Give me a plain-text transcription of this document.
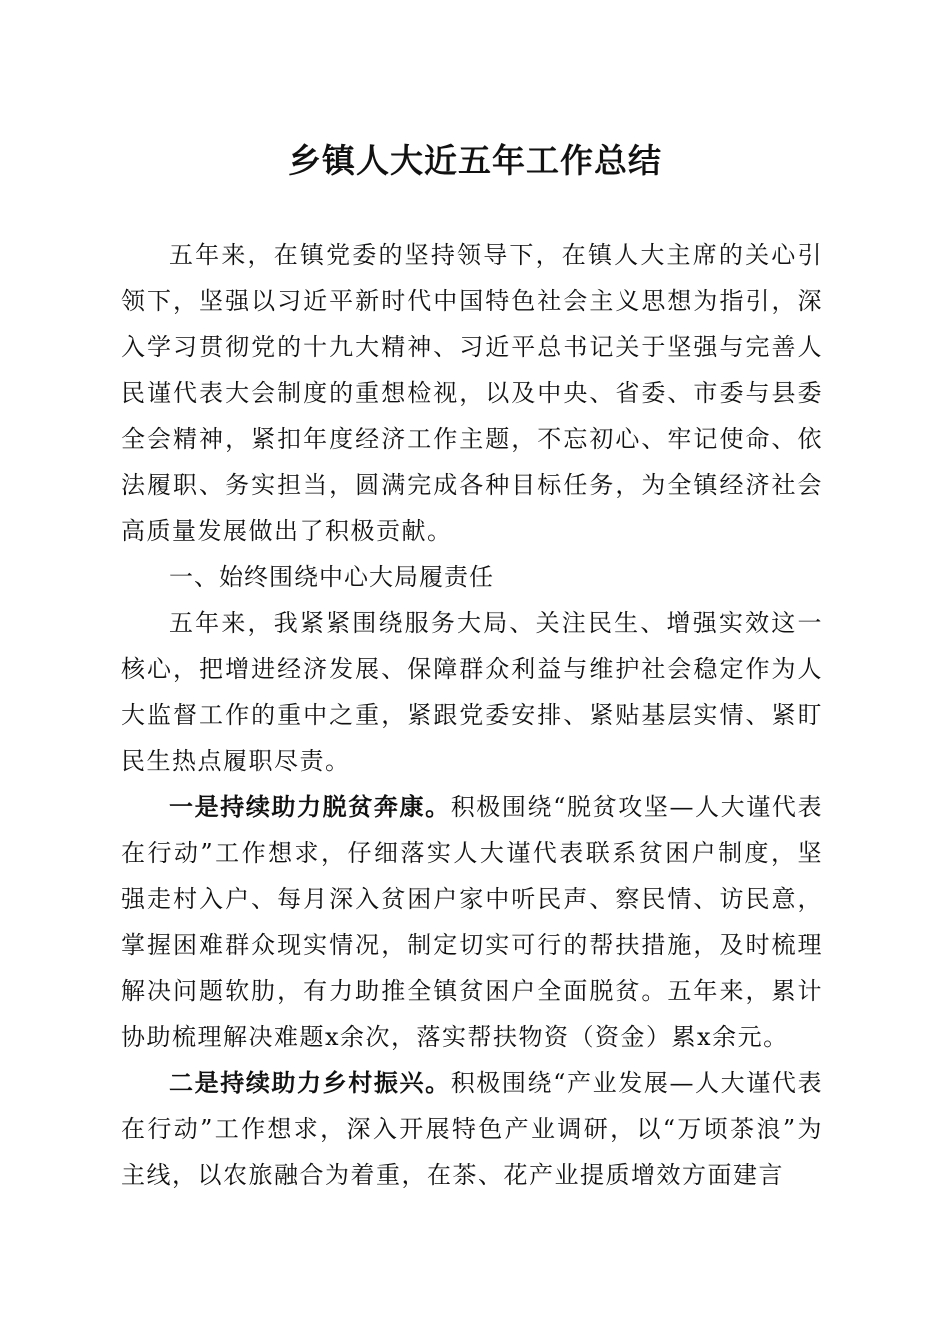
乡镇人大近五年工作总结

五年来，在镇党委的坚持领导下，在镇人大主席的关心引领下，坚强以习近平新时代中国特色社会主义思想为指引，深入学习贯彻党的十九大精神、习近平总书记关于坚强与完善人民谨代表大会制度的重想检视，以及中央、省委、市委与县委全会精神，紧扣年度经济工作主题，不忘初心、牢记使命、依法履职、务实担当，圆满完成各种目标任务，为全镇经济社会高质量发展做出了积极贡献。

一、始终围绕中心大局履责任

五年来，我紧紧围绕服务大局、关注民生、增强实效这一核心，把增进经济发展、保障群众利益与维护社会稳定作为人大监督工作的重中之重，紧跟党委安排、紧贴基层实情、紧盯民生热点履职尽责。

一是持续助力脱贫奔康。积极围绕“脱贫攻坚—人大谨代表在行动”工作想求，仔细落实人大谨代表联系贫困户制度，坚强走村入户、每月深入贫困户家中听民声、察民情、访民意，掌握困难群众现实情况，制定切实可行的帮扶措施，及时梳理解决问题软肋，有力助推全镇贫困户全面脱贫。五年来，累计协助梳理解决难题x余次，落实帮扶物资（资金）累x余元。

二是持续助力乡村振兴。积极围绕“产业发展—人大谨代表在行动”工作想求，深入开展特色产业调研，以“万顷茶浪”为主线，以农旅融合为着重，在茶、花产业提质增效方面建言
